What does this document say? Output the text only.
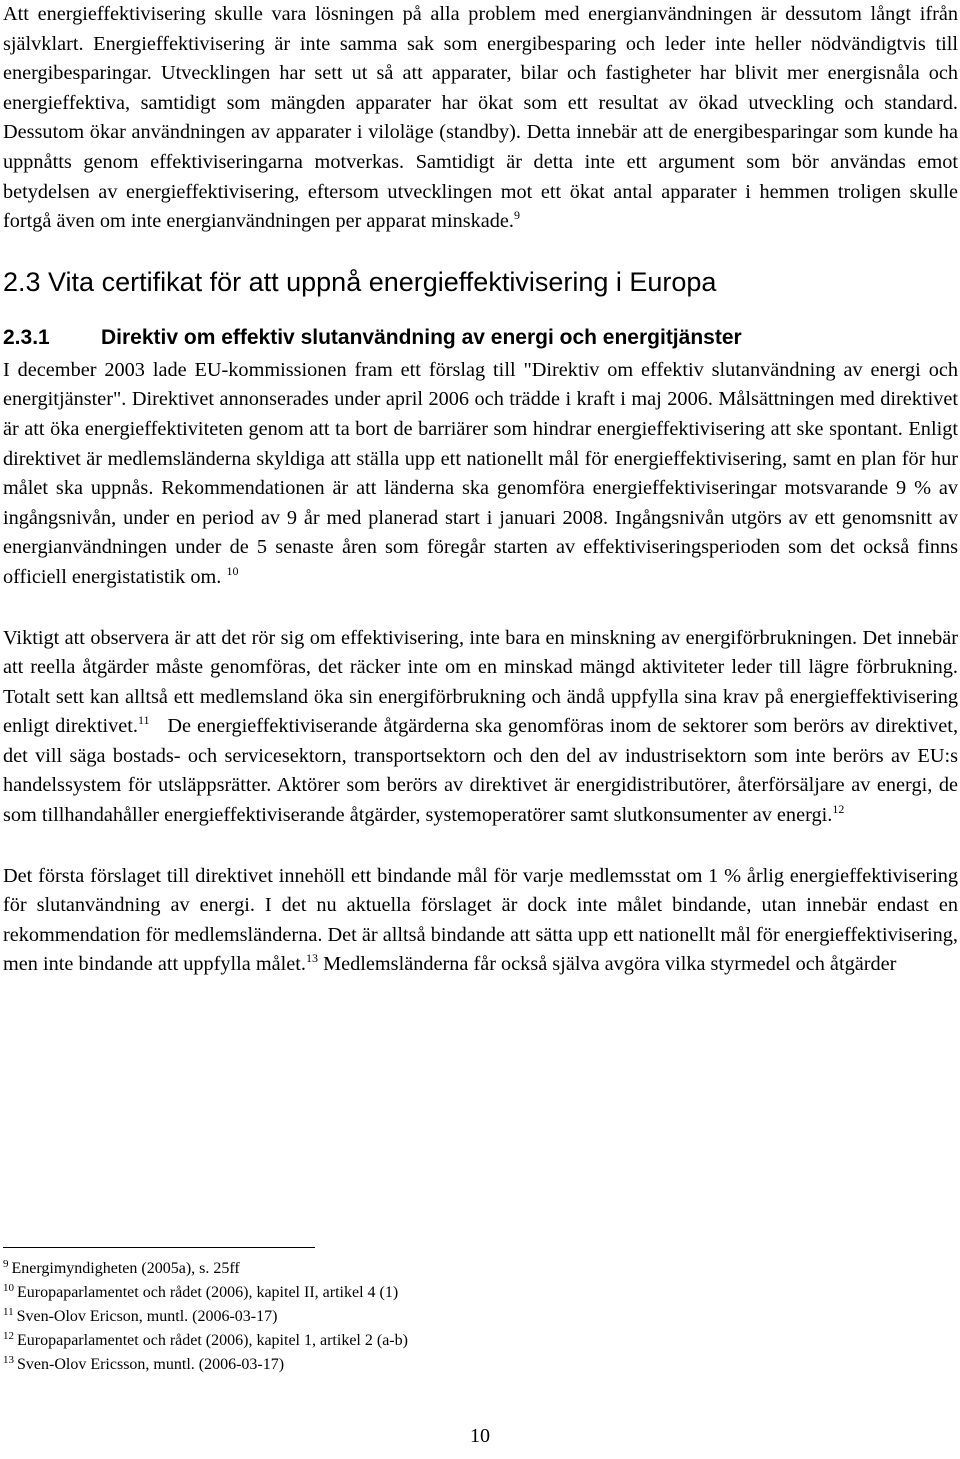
Att energieffektivisering skulle vara lösningen på alla problem med energianvändningen är dessutom långt ifrån självklart. Energieffektivisering är inte samma sak som energibesparing och leder inte heller nödvändigtvis till energibesparingar. Utvecklingen har sett ut så att apparater, bilar och fastigheter har blivit mer energisnåla och energieffektiva, samtidigt som mängden apparater har ökat som ett resultat av ökad utveckling och standard. Dessutom ökar användningen av apparater i viloläge (standby). Detta innebär att de energibesparingar som kunde ha uppnåtts genom effektiviseringarna motverkas. Samtidigt är detta inte ett argument som bör användas emot betydelsen av energieffektivisering, eftersom utvecklingen mot ett ökat antal apparater i hemmen troligen skulle fortgå även om inte energianvändningen per apparat minskade.$^9$

2.3 Vita certifikat för att uppnå energieffektivisering i Europa
2.3.1 Direktiv om effektiv slutanvändning av energi och energitjänster

I december 2003 lade EU-kommissionen fram ett förslag till "Direktiv om effektiv slutanvändning av energi och energitjänster". Direktivet annonserades under april 2006 och trädde i kraft i maj 2006. Målsättningen med direktivet är att öka energieffektiviteten genom att ta bort de barriärer som hindrar energieffektivisering att ske spontant. Enligt direktivet är medlemsländerna skyldiga att ställa upp ett nationellt mål för energieffektivisering, samt en plan för hur målet ska uppnås. Rekommendationen är att länderna ska genomföra energieffektiviseringar motsvarande 9 % av ingångsnivån, under en period av 9 år med planerad start i januari 2008. Ingångsnivån utgörs av ett genomsnitt av energianvändningen under de 5 senaste åren som föregår starten av effektiviseringsperioden som det också finns officiell energistatistik om. $^{10}$

Viktigt att observera är att det rör sig om effektivisering, inte bara en minskning av energiförbrukningen. Det innebär att reella åtgärder måste genomföras, det räcker inte om en minskad mängd aktiviteter leder till lägre förbrukning. Totalt sett kan alltså ett medlemsland öka sin energiförbrukning och ändå uppfylla sina krav på energieffektivisering enligt direktivet.$^{11}$ De energieffektiviserande åtgärderna ska genomföras inom de sektorer som berörs av direktivet, det vill säga bostads- och servicesektorn, transportsektorn och den del av industrisektorn som inte berörs av EU:s handelssystem för utsläppsrätter. Aktörer som berörs av direktivet är energidistributörer, återförsäljare av energi, de som tillhandahåller energieffektiviserande åtgärder, systemoperatörer samt slutkonsumenter av energi.$^{12}$

Det första förslaget till direktivet innehöll ett bindande mål för varje medlemsstat om 1 % årlig energieffektivisering för slutanvändning av energi. I det nu aktuella förslaget är dock inte målet bindande, utan innebär endast en rekommendation för medlemsländerna. Det är alltså bindande att sätta upp ett nationellt mål för energieffektivisering, men inte bindande att uppfylla målet.$^{13}$ Medlemsländerna får också själva avgöra vilka styrmedel och åtgärder

$^9$ Energimyndigheten (2005a), s. 25ff

$^{10}$ Europaparlamentet och rådet (2006), kapitel II, artikel 4 (1)

$^{11}$ Sven-Olov Ericson, muntl. (2006-03-17)

$^{12}$ Europaparlamentet och rådet (2006), kapitel 1, artikel 2 (a-b)

$^{13}$ Sven-Olov Ericsson, muntl. (2006-03-17)

10
